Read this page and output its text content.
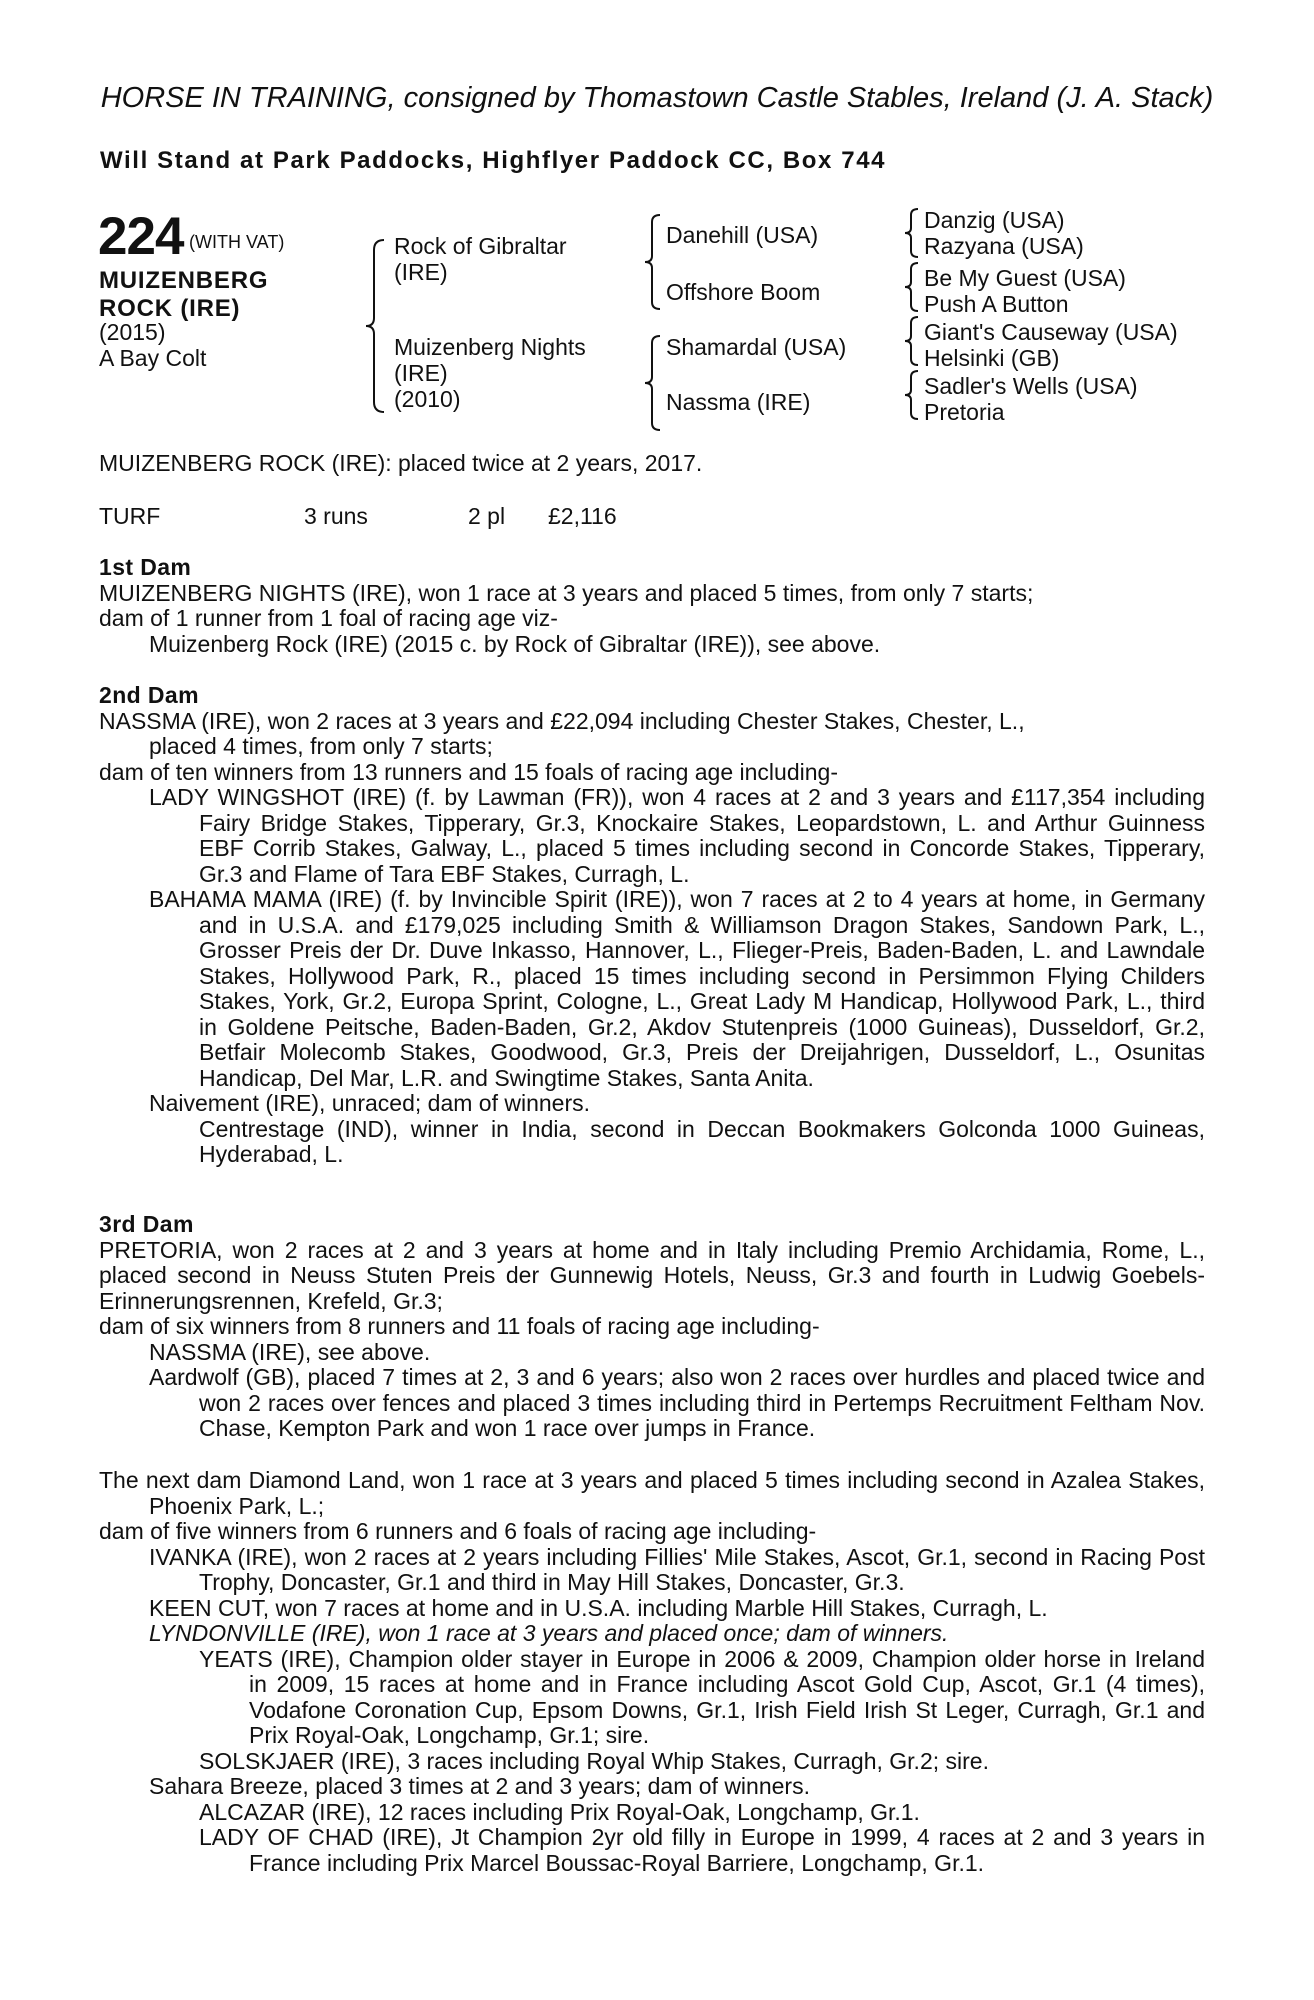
HORSE IN TRAINING, consigned by Thomastown Castle Stables, Ireland (J. A. Stack)
Will Stand at Park Paddocks, Highflyer Paddock CC, Box 744
224 (WITH VAT)
MUIZENBERG
ROCK (IRE)
(2015)
A Bay Colt
Rock of Gibraltar
(IRE)
Muizenberg Nights
(IRE)
(2010)
Danehill (USA)
Offshore Boom
Shamardal (USA)
Nassma (IRE)
Danzig (USA)
Razyana (USA)
Be My Guest (USA)
Push A Button
Giant's Causeway (USA)
Helsinki (GB)
Sadler's Wells (USA)
Pretoria
MUIZENBERG ROCK (IRE): placed twice at 2 years, 2017.
TURF	3 runs	2 pl £2,116
1st Dam

MUIZENBERG NIGHTS (IRE), won 1 race at 3 years and placed 5 times, from only 7 starts;

dam of 1 runner from 1 foal of racing age viz-

Muizenberg Rock (IRE) (2015 c. by Rock of Gibraltar (IRE)), see above.

2nd Dam

NASSMA (IRE), won 2 races at 3 years and £22,094 including Chester Stakes, Chester, L.,

placed 4 times, from only 7 starts;

dam of ten winners from 13 runners and 15 foals of racing age including-

LADY WINGSHOT (IRE) (f. by Lawman (FR)), won 4 races at 2 and 3 years and £117,354 including Fairy Bridge Stakes, Tipperary, Gr.3, Knockaire Stakes, Leopardstown, L. and Arthur Guinness EBF Corrib Stakes, Galway, L., placed 5 times including second in Concorde Stakes, Tipperary, Gr.3 and Flame of Tara EBF Stakes, Curragh, L.

BAHAMA MAMA (IRE) (f. by Invincible Spirit (IRE)), won 7 races at 2 to 4 years at home, in Germany and in U.S.A. and £179,025 including Smith & Williamson Dragon Stakes, Sandown Park, L., Grosser Preis der Dr. Duve Inkasso, Hannover, L., Flieger-Preis, Baden-Baden, L. and Lawndale Stakes, Hollywood Park, R., placed 15 times including second in Persimmon Flying Childers Stakes, York, Gr.2, Europa Sprint, Cologne, L., Great Lady M Handicap, Hollywood Park, L., third in Goldene Peitsche, Baden-Baden, Gr.2, Akdov Stutenpreis (1000 Guineas), Dusseldorf, Gr.2, Betfair Molecomb Stakes, Goodwood, Gr.3, Preis der Dreijahrigen, Dusseldorf, L., Osunitas Handicap, Del Mar, L.R. and Swingtime Stakes, Santa Anita.

Naivement (IRE), unraced; dam of winners.

Centrestage (IND), winner in India, second in Deccan Bookmakers Golconda 1000 Guineas, Hyderabad, L.

3rd Dam

PRETORIA, won 2 races at 2 and 3 years at home and in Italy including Premio Archidamia, Rome, L., placed second in Neuss Stuten Preis der Gunnewig Hotels, Neuss, Gr.3 and fourth in Ludwig Goebels-Erinnerungsrennen, Krefeld, Gr.3;

dam of six winners from 8 runners and 11 foals of racing age including-

NASSMA (IRE), see above.

Aardwolf (GB), placed 7 times at 2, 3 and 6 years; also won 2 races over hurdles and placed twice and won 2 races over fences and placed 3 times including third in Pertemps Recruitment Feltham Nov. Chase, Kempton Park and won 1 race over jumps in France.

The next dam Diamond Land, won 1 race at 3 years and placed 5 times including second in Azalea Stakes, Phoenix Park, L.;

dam of five winners from 6 runners and 6 foals of racing age including-

IVANKA (IRE), won 2 races at 2 years including Fillies' Mile Stakes, Ascot, Gr.1, second in Racing Post Trophy, Doncaster, Gr.1 and third in May Hill Stakes, Doncaster, Gr.3.

KEEN CUT, won 7 races at home and in U.S.A. including Marble Hill Stakes, Curragh, L.

LYNDONVILLE (IRE), won 1 race at 3 years and placed once; dam of winners.

YEATS (IRE), Champion older stayer in Europe in 2006 & 2009, Champion older horse in Ireland in 2009, 15 races at home and in France including Ascot Gold Cup, Ascot, Gr.1 (4 times), Vodafone Coronation Cup, Epsom Downs, Gr.1, Irish Field Irish St Leger, Curragh, Gr.1 and Prix Royal-Oak, Longchamp, Gr.1; sire.

SOLSKJAER (IRE), 3 races including Royal Whip Stakes, Curragh, Gr.2; sire.

Sahara Breeze, placed 3 times at 2 and 3 years; dam of winners.

ALCAZAR (IRE), 12 races including Prix Royal-Oak, Longchamp, Gr.1.

LADY OF CHAD (IRE), Jt Champion 2yr old filly in Europe in 1999, 4 races at 2 and 3 years in France including Prix Marcel Boussac-Royal Barriere, Longchamp, Gr.1.
